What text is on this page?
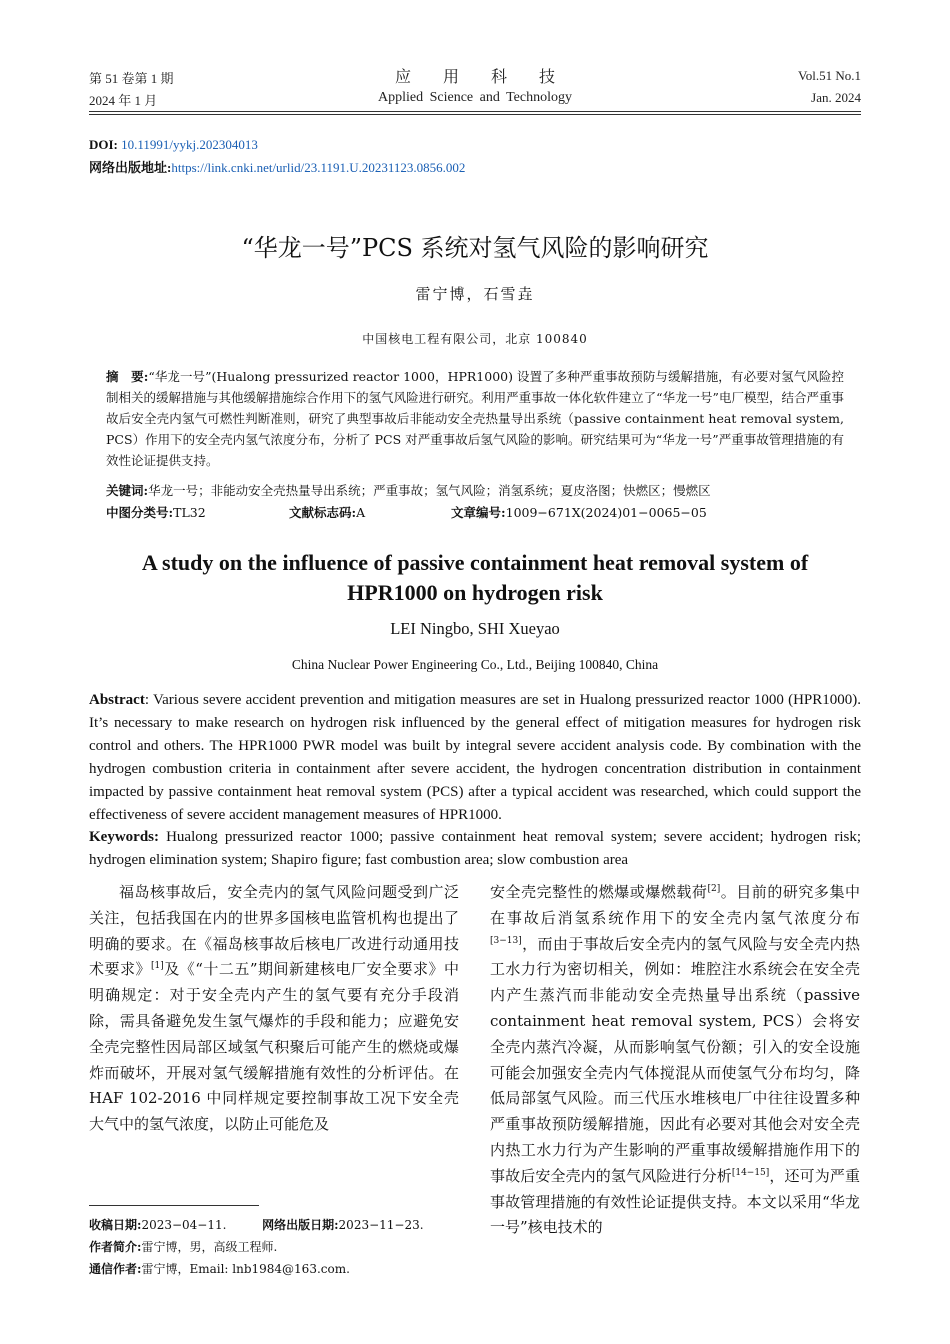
第 51 卷第 1 期
2024 年 1 月
应　　用　　科　　技
Applied Science and Technology
Vol.51 No.1
Jan. 2024
DOI: 10.11991/yykj.202304013
网络出版地址:https://link.cnki.net/urlid/23.1191.U.20231123.0856.002
“华龙一号”PCS 系统对氢气风险的影响研究
雷宁博，石雪垚
中国核电工程有限公司，北京 100840
摘　要:“华龙一号”(Hualong pressurized reactor 1000，HPR1000) 设置了多种严重事故预防与缓解措施，有必要对氢气风险控制相关的缓解措施与其他缓解措施综合作用下的氢气风险进行研究。利用严重事故一体化软件建立了“华龙一号”电厂模型，结合严重事故后安全壳内氢气可燃性判断准则，研究了典型事故后非能动安全壳热量导出系统（passive containment heat removal system, PCS）作用下的安全壳内氢气浓度分布，分析了 PCS 对严重事故后氢气风险的影响。研究结果可为“华龙一号”严重事故管理措施的有效性论证提供支持。
关键词:华龙一号；非能动安全壳热量导出系统；严重事故；氢气风险；消氢系统；夏皮洛图；快燃区；慢燃区
中图分类号:TL32	文献标志码:A	文章编号:1009−671X(2024)01−0065−05
A study on the influence of passive containment heat removal system of
HPR1000 on hydrogen risk
LEI Ningbo, SHI Xueyao
China Nuclear Power Engineering Co., Ltd., Beijing 100840, China
Abstract: Various severe accident prevention and mitigation measures are set in Hualong pressurized reactor 1000 (HPR1000). It’s necessary to make research on hydrogen risk influenced by the general effect of mitigation measures for hydrogen risk control and others. The HPR1000 PWR model was built by integral severe accident analysis code. By combination with the hydrogen combustion criteria in containment after severe accident, the hydrogen concentration distribution in containment impacted by passive containment heat removal system (PCS) after a typical accident was researched, which could support the effectiveness of severe accident management measures of HPR1000.
Keywords: Hualong pressurized reactor 1000; passive containment heat removal system; severe accident; hydrogen risk; hydrogen elimination system; Shapiro figure; fast combustion area; slow combustion area

福岛核事故后，安全壳内的氢气风险问题受到广泛关注，包括我国在内的世界多国核电监管机构也提出了明确的要求。在《福岛核事故后核电厂改进行动通用技术要求》[1]及《“十二五”期间新建核电厂安全要求》中明确规定：对于安全壳内产生的氢气要有充分手段消除，需具备避免发生氢气爆炸的手段和能力；应避免安全壳完整性因局部区域氢气积聚后可能产生的燃烧或爆炸而破坏，开展对氢气缓解措施有效性的分析评估。在 HAF 102-2016 中同样规定要控制事故工况下安全壳大气中的氢气浓度，以防止可能危及

安全壳完整性的燃爆或爆燃载荷[2]。目前的研究多集中在事故后消氢系统作用下的安全壳内氢气浓度分布[3−13]，而由于事故后安全壳内的氢气风险与安全壳内热工水力行为密切相关，例如：堆腔注水系统会在安全壳内产生蒸汽而非能动安全壳热量导出系统（passive containment heat removal system, PCS）会将安全壳内蒸汽冷凝，从而影响氢气份额；引入的安全设施可能会加强安全壳内气体搅混从而使氢气分布均匀，降低局部氢气风险。而三代压水堆核电厂中往往设置多种严重事故预防缓解措施，因此有必要对其他会对安全壳内热工水力行为产生影响的严重事故缓解措施作用下的事故后安全壳内的氢气风险进行分析[14−15]，还可为严重事故管理措施的有效性论证提供支持。本文以采用“华龙一号”核电技术的

收稿日期:2023−04−11.	网络出版日期:2023−11−23.
作者简介:雷宁博，男，高级工程师.
通信作者:雷宁博，Email: lnb1984@163.com.
